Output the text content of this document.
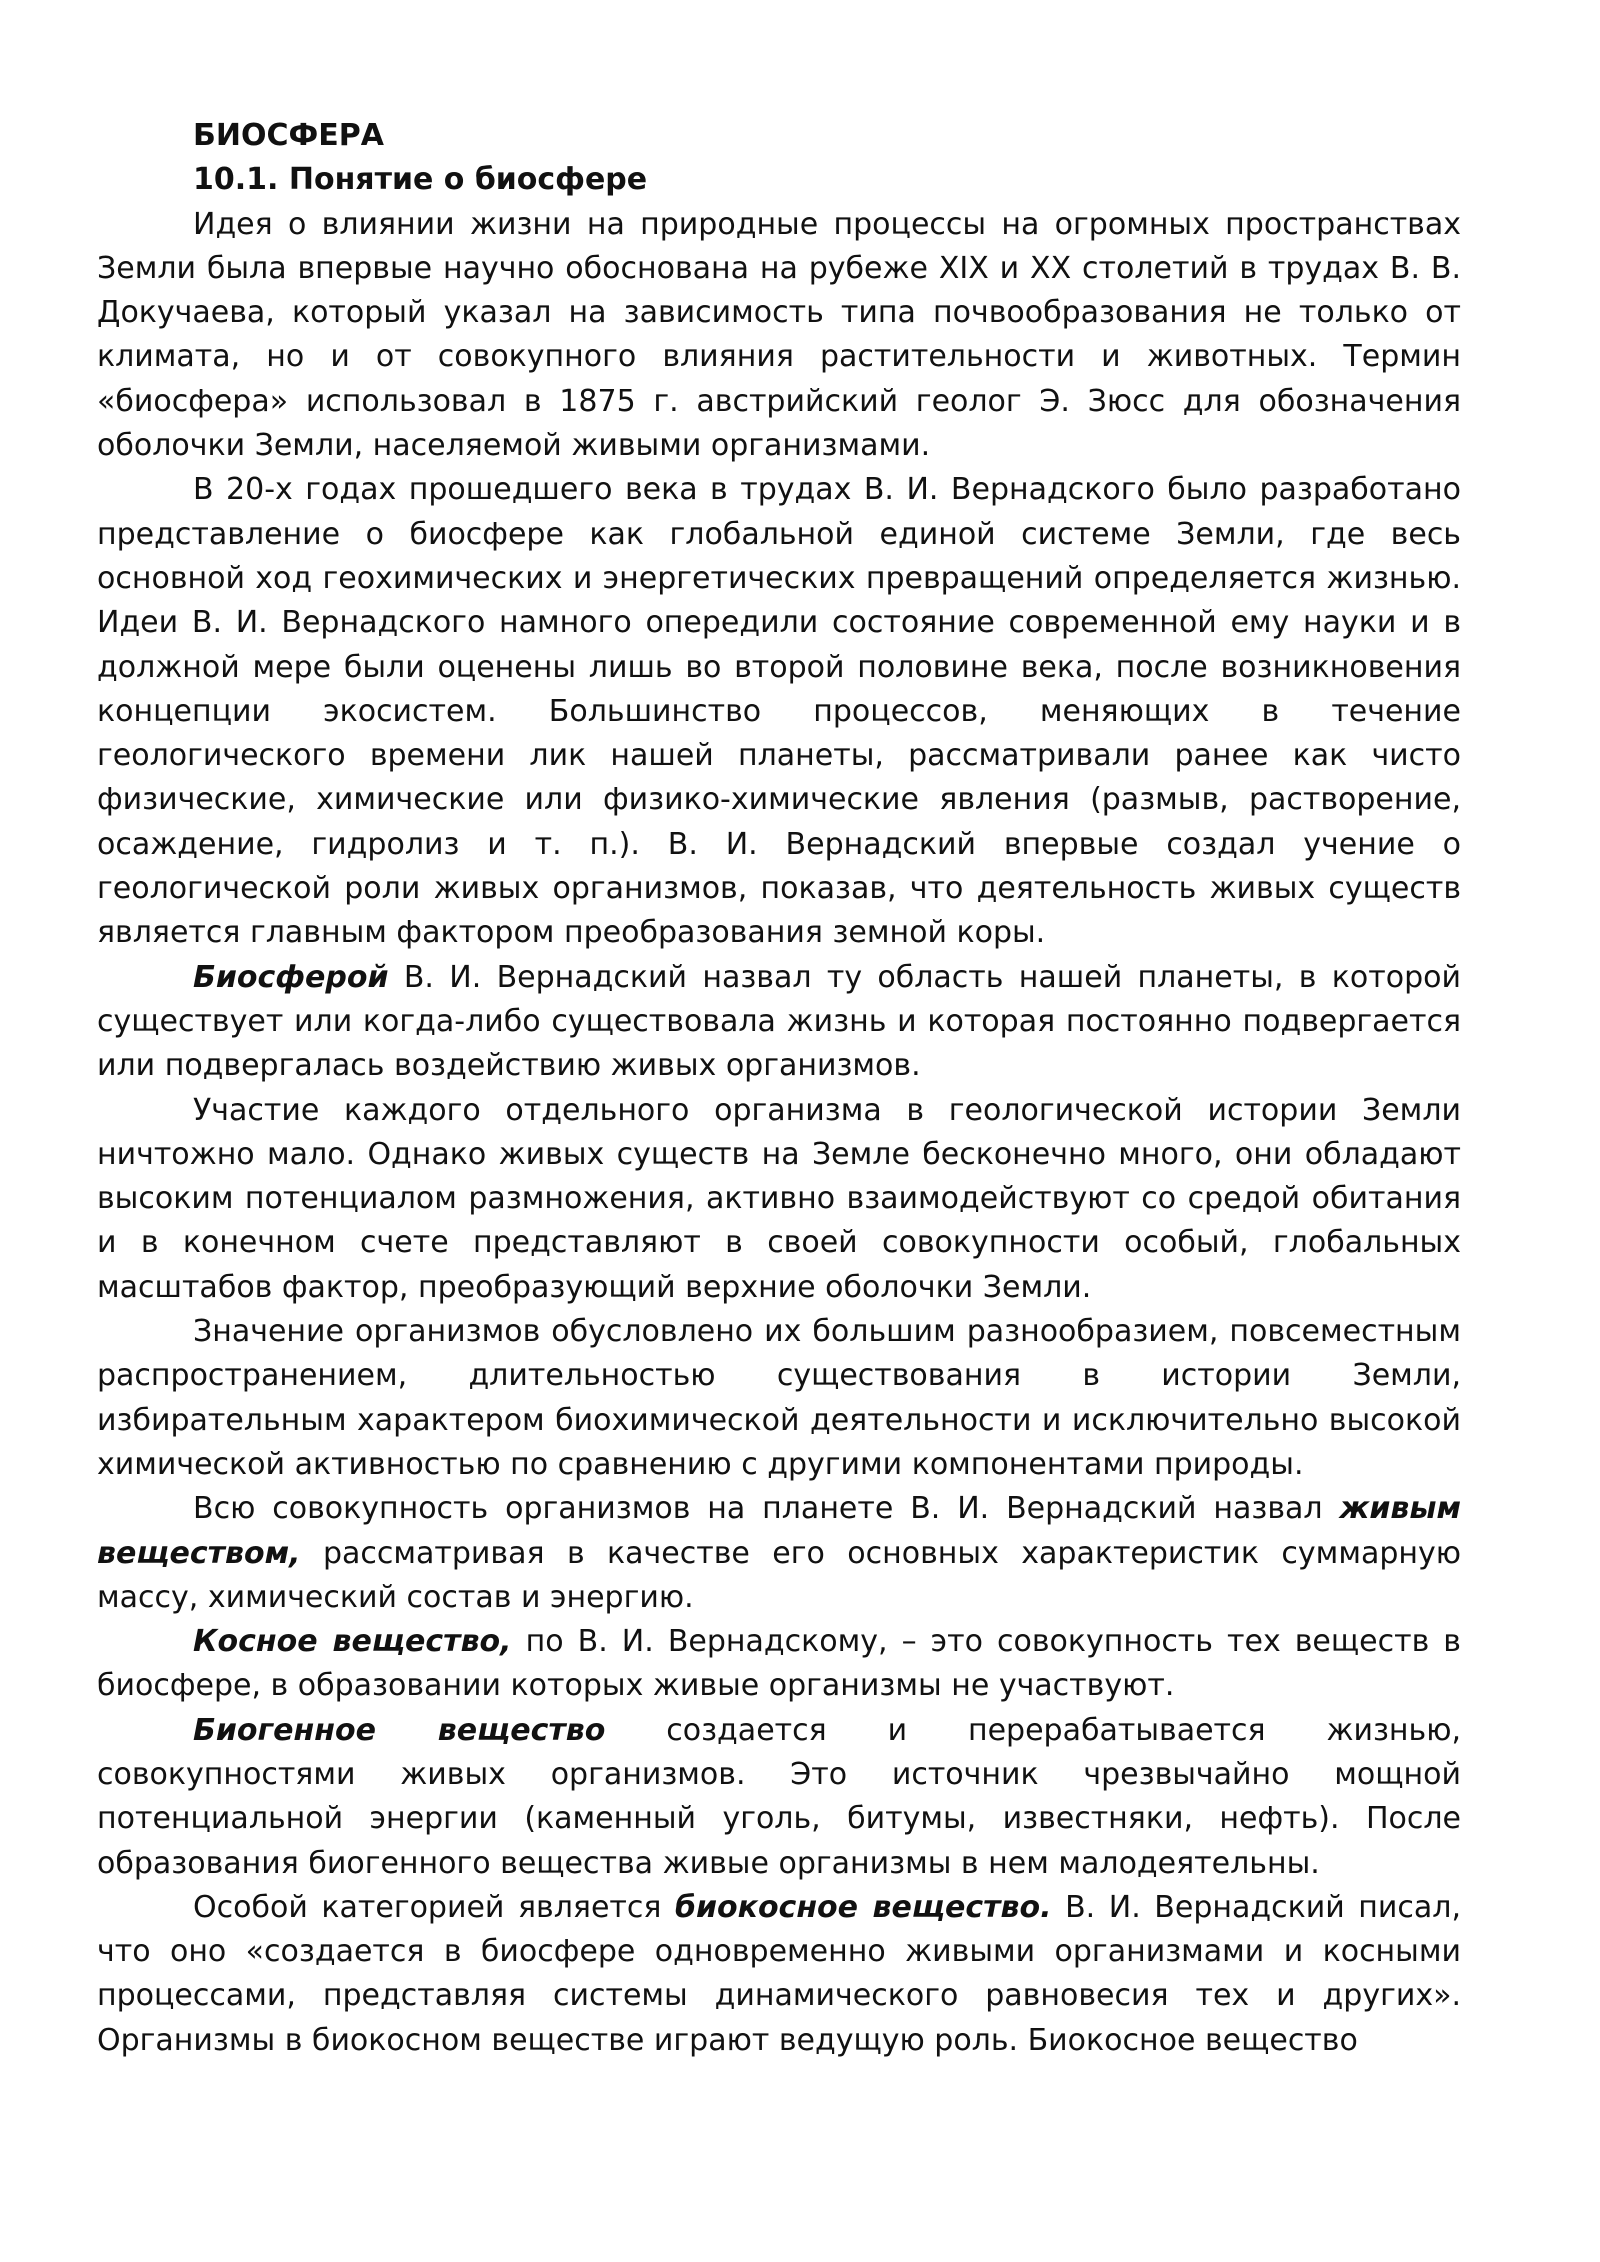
БИОСФЕРА

10.1. Понятие о биосфере

Идея о влиянии жизни на природные процессы на огромных пространствах Земли была впервые научно обоснована на рубеже XIX и XX столетий в трудах В. В. Докучаева, который указал на зависимость типа почвообразования не только от климата, но и от совокупного влияния растительности и животных. Термин «биосфера» использовал в 1875 г. австрийский геолог Э. Зюсс для обозначения оболочки Земли, населяемой живыми организмами.

В 20-х годах прошедшего века в трудах В. И. Вернадского было разработано представление о биосфере как глобальной единой системе Земли, где весь основной ход геохимических и энергетических превращений определяется жизнью. Идеи В. И. Вернадского намного опередили состояние современной ему науки и в должной мере были оценены лишь во второй половине века, после возникновения концепции экосистем. Большинство процессов, меняющих в течение геологического времени лик нашей планеты, рассматривали ранее как чисто физические, химические или физико-химические явления (размыв, растворение, осаждение, гидролиз и т. п.). В. И. Вернадский впервые создал учение о геологической роли живых организмов, показав, что деятельность живых существ является главным фактором преобразования земной коры.

Биосферой В. И. Вернадский назвал ту область нашей планеты, в которой существует или когда-либо существовала жизнь и которая постоянно подвергается или подвергалась воздействию живых организмов.

Участие каждого отдельного организма в геологической истории Земли ничтожно мало. Однако живых существ на Земле бесконечно много, они обладают высоким потенциалом размножения, активно взаимодействуют со средой обитания и в конечном счете представляют в своей совокупности особый, глобальных масштабов фактор, преобразующий верхние оболочки Земли.

Значение организмов обусловлено их большим разнообразием, повсеместным распространением, длительностью существования в истории Земли, избирательным характером биохимической деятельности и исключительно высокой химической активностью по сравнению с другими компонентами природы.

Всю совокупность организмов на планете В. И. Вернадский назвал живым веществом, рассматривая в качестве его основных характеристик суммарную массу, химический состав и энергию.

Косное вещество, по В. И. Вернадскому, – это совокупность тех веществ в биосфере, в образовании которых живые организмы не участвуют.

Биогенное вещество создается и перерабатывается жизнью, совокупностями живых организмов. Это источник чрезвычайно мощной потенциальной энергии (каменный уголь, битумы, известняки, нефть). После образования биогенного вещества живые организмы в нем малодеятельны.

Особой категорией является биокосное вещество. В. И. Вернадский писал, что оно «создается в биосфере одновременно живыми организмами и косными процессами, представляя системы динамического равновесия тех и других». Организмы в биокосном веществе играют ведущую роль. Биокосное вещество
